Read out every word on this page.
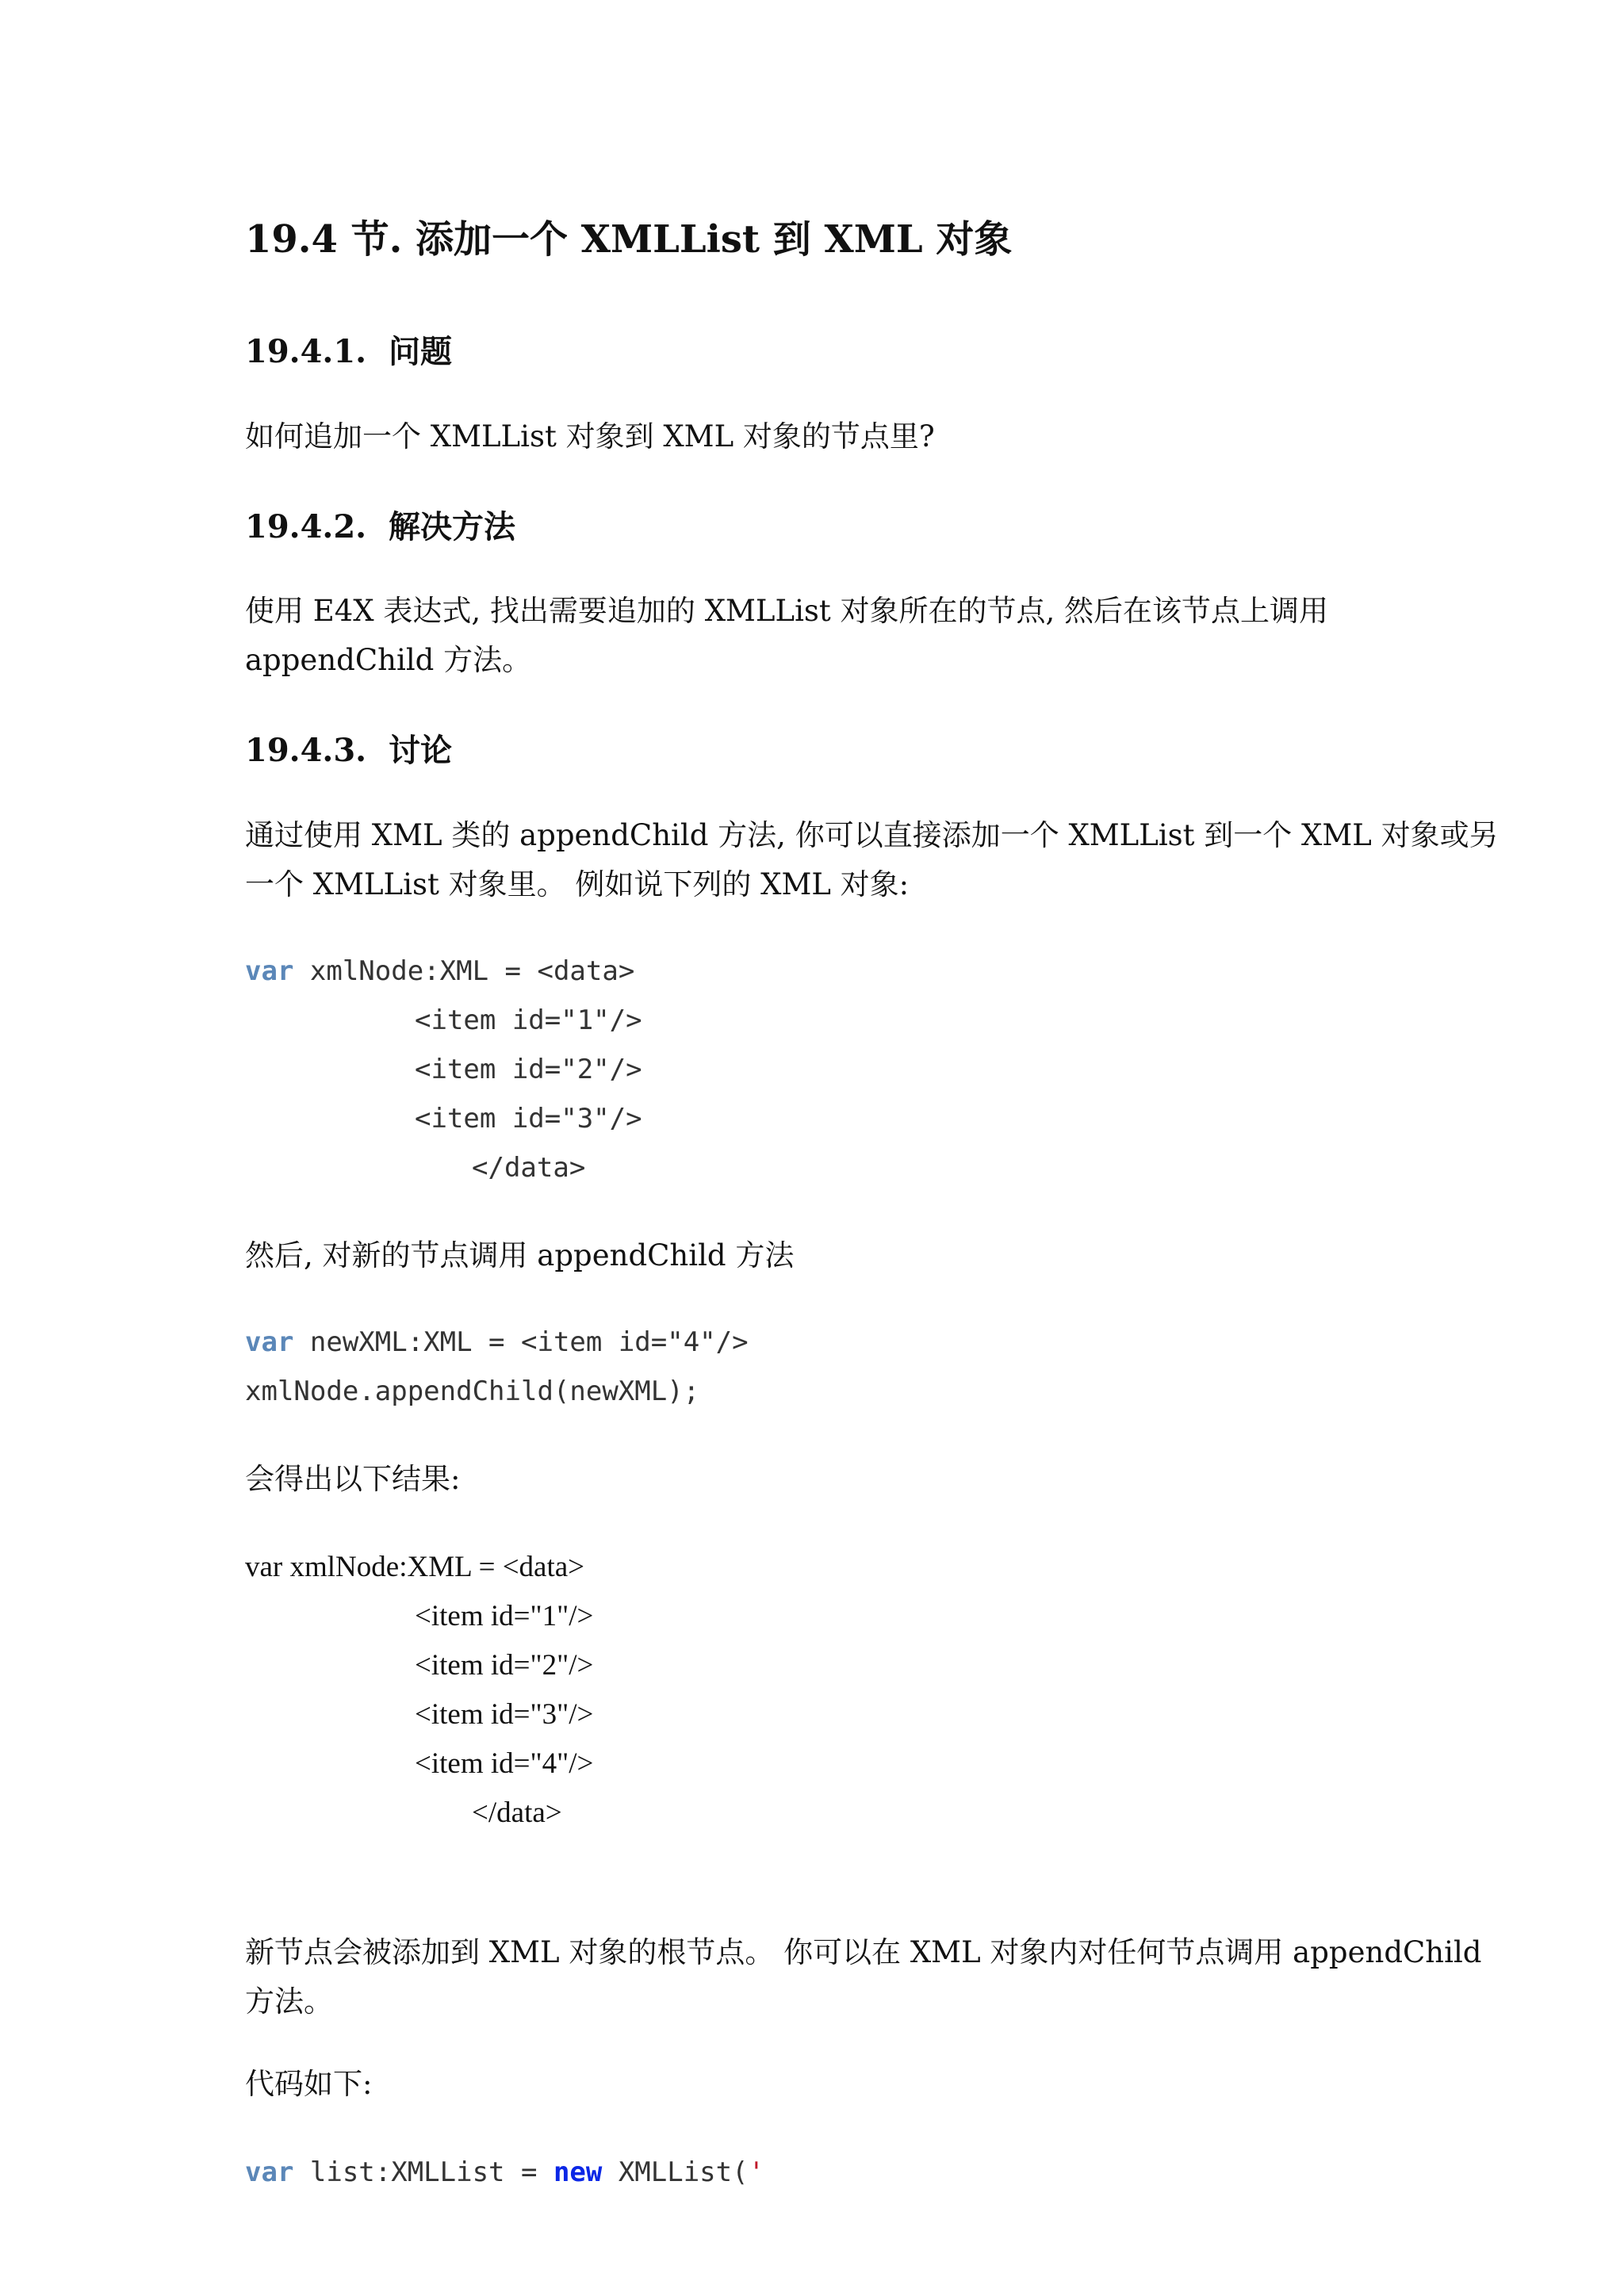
19.4 节. 添加一个 XMLList 到 XML 对象
19.4.1.  问题
如何追加一个 XMLList 对象到 XML 对象的节点里?
19.4.2.  解决方法
使用 E4X 表达式, 找出需要追加的 XMLList 对象所在的节点, 然后在该节点上调用
appendChild 方法。
19.4.3.  讨论
通过使用 XML 类的 appendChild 方法, 你可以直接添加一个 XMLList 到一个 XML 对象或另
一个 XMLList 对象里。 例如说下列的 XML 对象:
var xmlNode:XML = <data>
<item id="1"/>
<item id="2"/>
<item id="3"/>
</data>
然后, 对新的节点调用 appendChild 方法
var newXML:XML = <item id="4"/>
xmlNode.appendChild(newXML);
会得出以下结果:
var xmlNode:XML = <data>
<item id="1"/>
<item id="2"/>
<item id="3"/>
<item id="4"/>
</data>
新节点会被添加到 XML 对象的根节点。 你可以在 XML 对象内对任何节点调用 appendChild
方法。
代码如下:
var list:XMLList = new XMLList('
